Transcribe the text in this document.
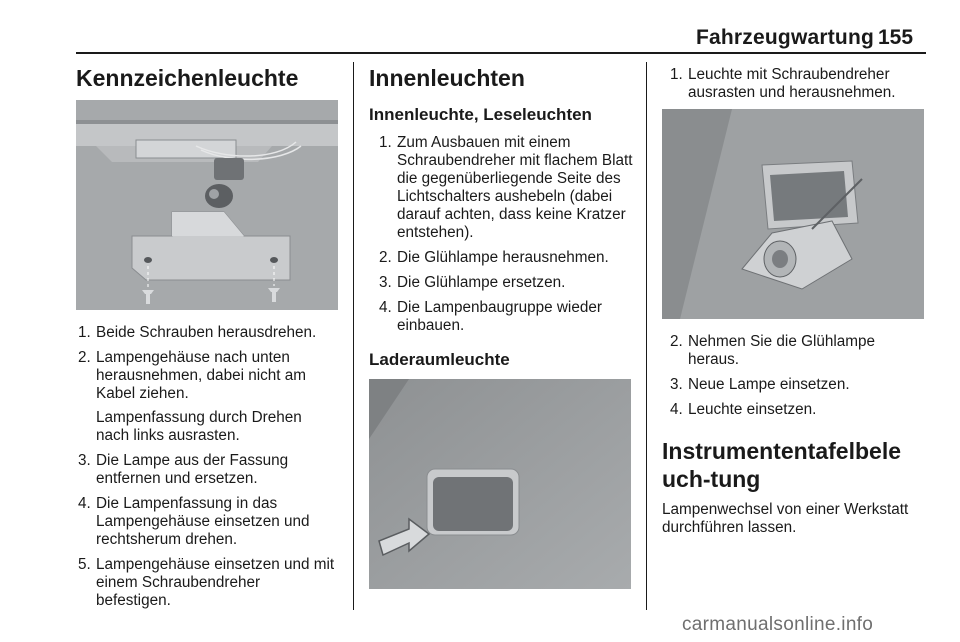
Fahrzeugwartung 155
Kennzeichenleuchte
1. Beide Schrauben herausdrehen.
2. Lampengehäuse nach unten herausnehmen, dabei nicht am Kabel ziehen.
Lampenfassung durch Drehen nach links ausrasten.
3. Die Lampe aus der Fassung entfernen und ersetzen.
4. Die Lampenfassung in das Lampengehäuse einsetzen und rechtsherum drehen.
5. Lampengehäuse einsetzen und mit einem Schraubendreher befestigen.
Innenleuchten
Innenleuchte, Leseleuchten
1. Zum Ausbauen mit einem Schraubendreher mit flachem Blatt die gegenüberliegende Seite des Lichtschalters aushebeln (dabei darauf achten, dass keine Kratzer entstehen).
2. Die Glühlampe herausnehmen.
3. Die Glühlampe ersetzen.
4. Die Lampenbaugruppe wieder einbauen.
Laderaumleuchte
1. Leuchte mit Schraubendreher ausrasten und herausnehmen.
2. Nehmen Sie die Glühlampe heraus.
3. Neue Lampe einsetzen.
4. Leuchte einsetzen.
Instrumententafelbeleuch-tung

Lampenwechsel von einer Werkstatt durchführen lassen.

carmanualsonline.info
